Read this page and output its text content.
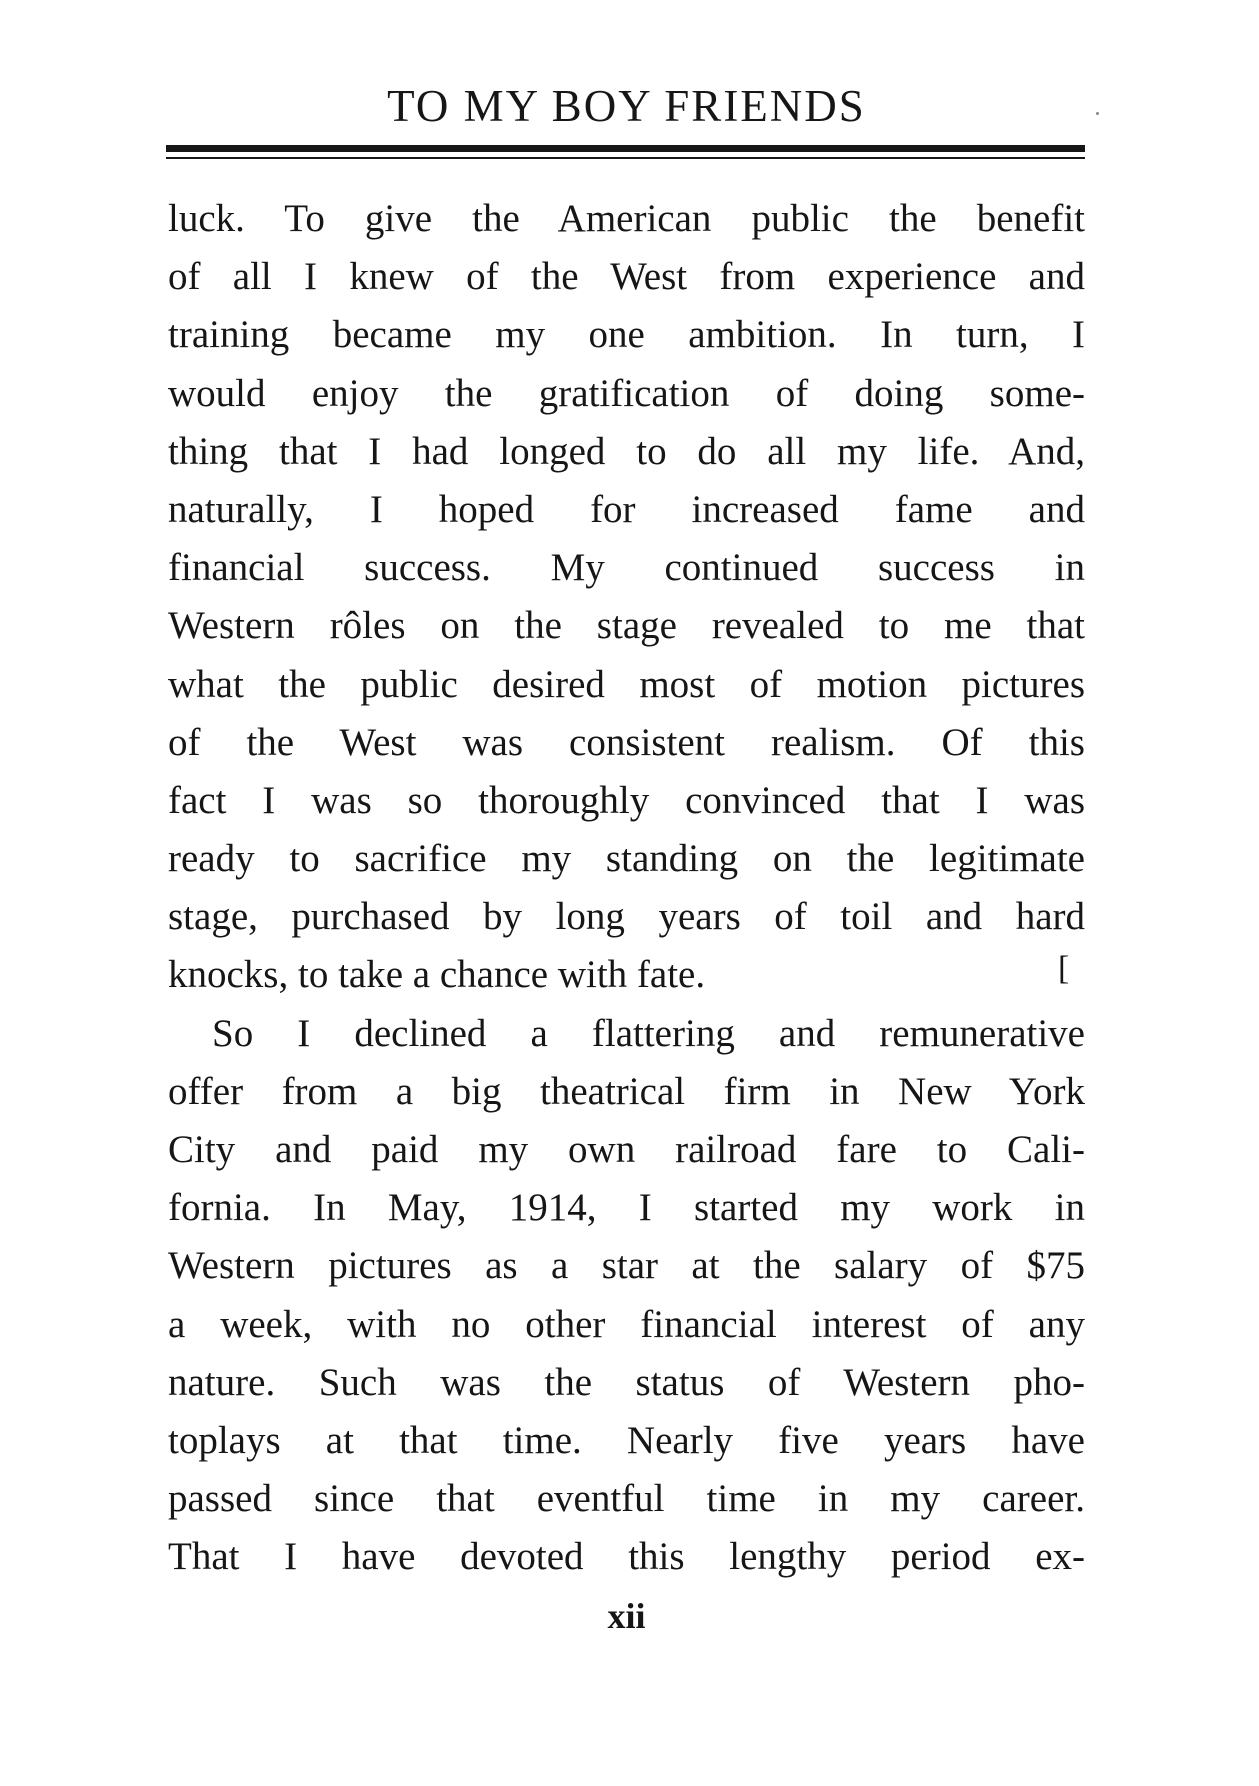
TO MY BOY FRIENDS
luck. To give the American public the benefit
of all I knew of the West from experience and
training became my one ambition. In turn, I
would enjoy the gratification of doing some-
thing that I had longed to do all my life. And,
naturally, I hoped for increased fame and
financial success. My continued success in
Western rôles on the stage revealed to me that
what the public desired most of motion pictures
of the West was consistent realism. Of this
fact I was so thoroughly convinced that I was
ready to sacrifice my standing on the legitimate
stage, purchased by long years of toil and hard
knocks, to take a chance with fate.
So I declined a flattering and remunerative
offer from a big theatrical firm in New York
City and paid my own railroad fare to Cali-
fornia. In May, 1914, I started my work in
Western pictures as a star at the salary of $75
a week, with no other financial interest of any
nature. Such was the status of Western pho-
toplays at that time. Nearly five years have
passed since that eventful time in my career.
That I have devoted this lengthy period ex-
[
xii
